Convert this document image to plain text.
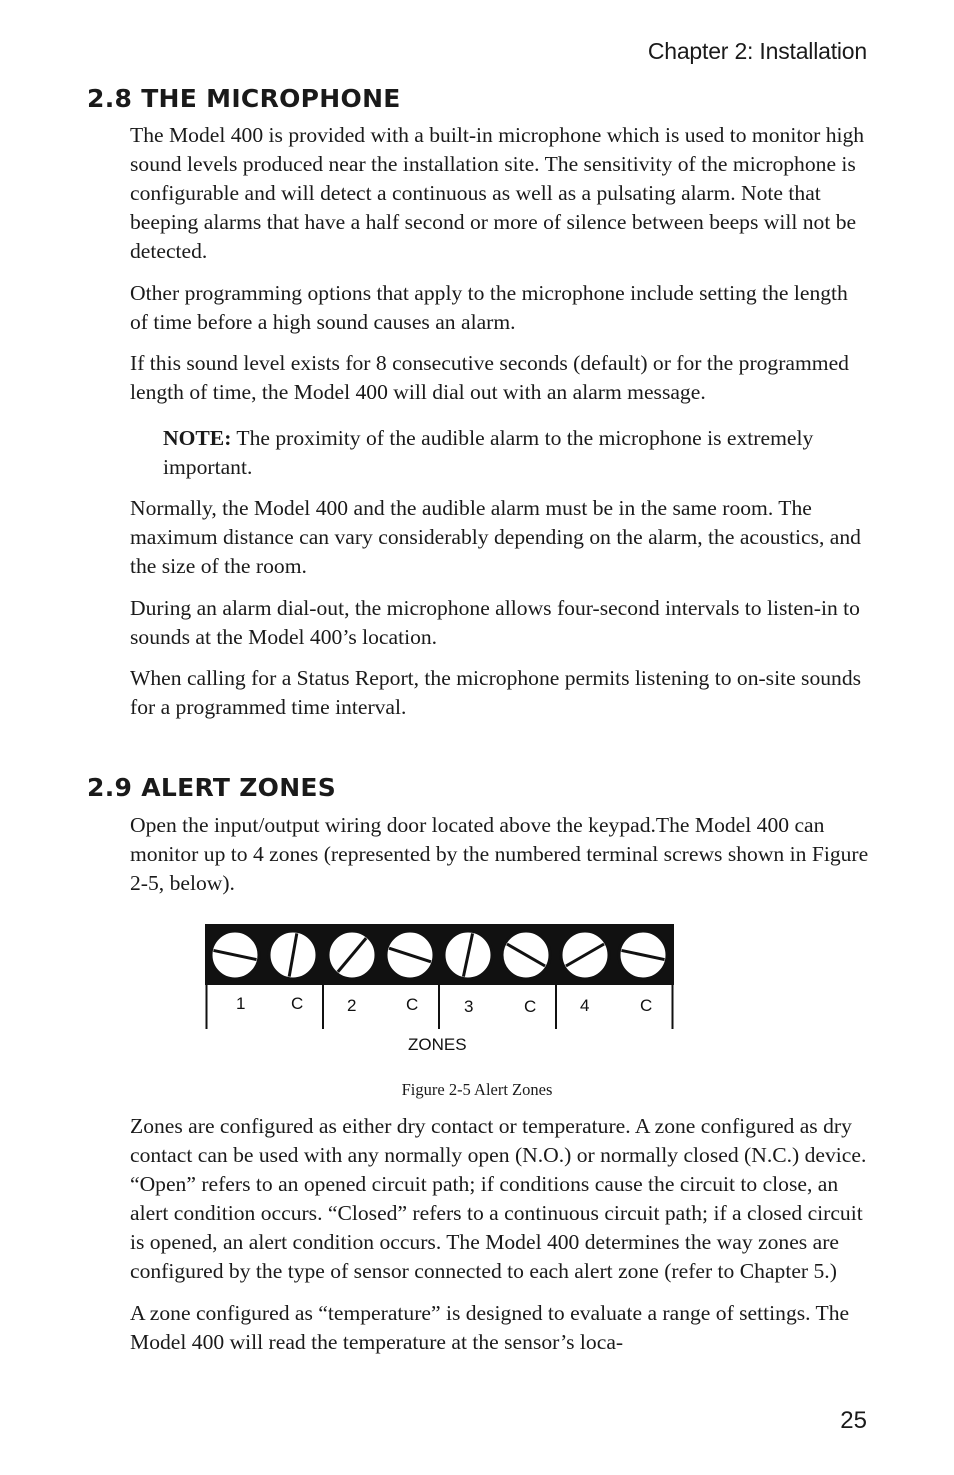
Chapter 2: Installation
2.8 THE MICROPHONE

The Model 400 is provided with a built-in microphone which is used to monitor high sound levels produced near the installation site. The sensitivity of the microphone is configurable and will detect a continuous as well as a pulsating alarm. Note that beeping alarms that have a half second or more of silence between beeps will not be detected.

Other programming options that apply to the microphone include setting the length of time before a high sound causes an alarm.

If this sound level exists for 8 consecutive seconds (default) or for the programmed length of time, the Model 400 will dial out with an alarm message.

NOTE: The proximity of the audible alarm to the microphone is extremely important.

Normally, the Model 400 and the audible alarm must be in the same room. The maximum distance can vary considerably depending on the alarm, the acoustics, and the size of the room.

During an alarm dial-out, the microphone allows four-second intervals to listen-in to sounds at the Model 400’s location.

When calling for a Status Report, the microphone permits listening to on-site sounds for a programmed time interval.

2.9 ALERT ZONES

Open the input/output wiring door located above the keypad.The Model 400 can monitor up to 4 zones (represented by the numbered terminal screws shown in Figure 2-5, below).

1	C	2	C	3	C	4	C
ZONES
Figure 2-5 Alert Zones

Zones are configured as either dry contact or temperature. A zone configured as dry contact can be used with any normally open (N.O.) or normally closed (N.C.) device. “Open” refers to an opened circuit path; if conditions cause the circuit to close, an alert condition occurs. “Closed” refers to a continuous circuit path; if a closed circuit is opened, an alert condition occurs. The Model 400 determines the way zones are configured by the type of sensor connected to each alert zone (refer to Chapter 5.)

A zone configured as “temperature” is designed to evaluate a range of settings. The Model 400 will read the temperature at the sensor’s loca-

25
